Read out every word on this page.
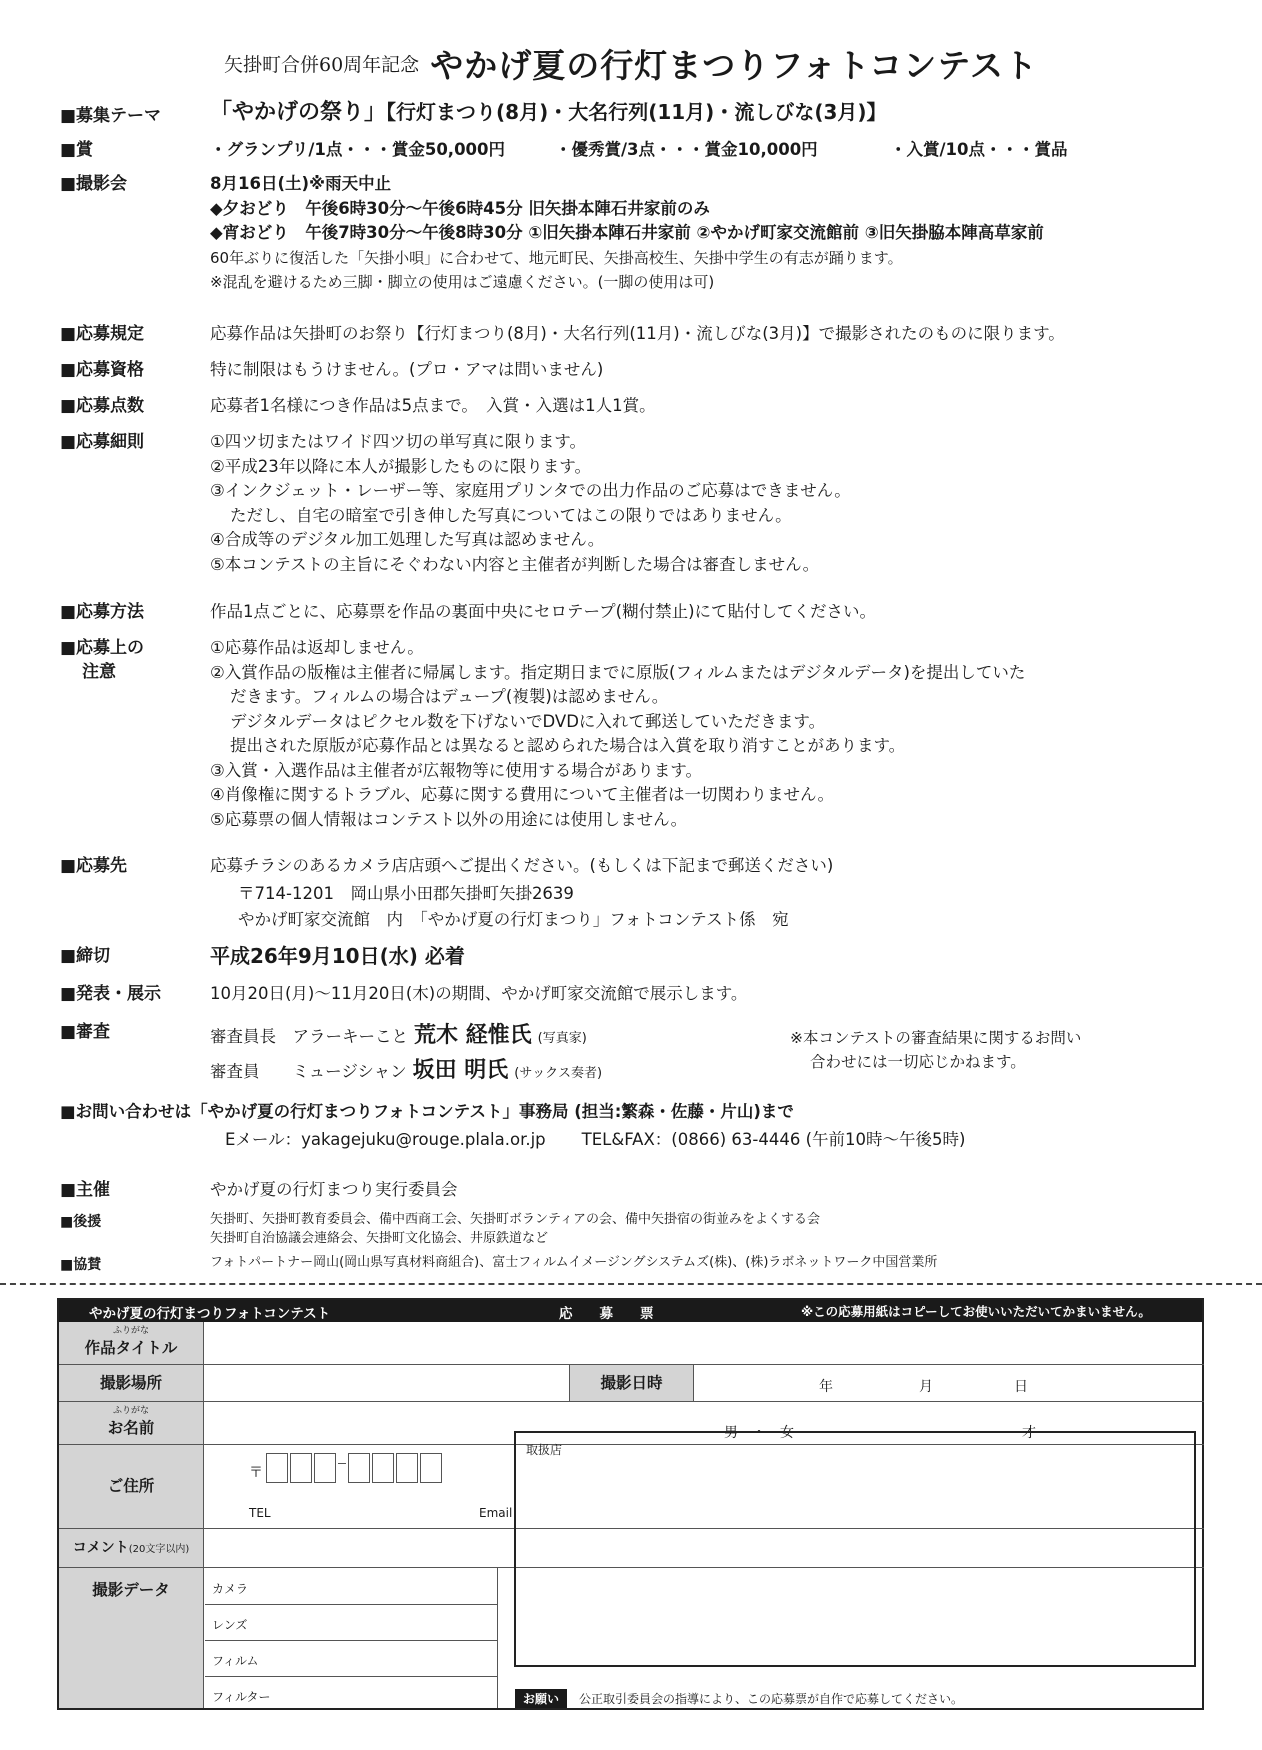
矢掛町合併60周年記念 やかげ夏の行灯まつりフォトコンテスト
■募集テーマ	「やかげの祭り」【行灯まつり(8月)・大名行列(11月)・流しびな(3月)】
■賞	・グランプリ/1点・・・賞金50,000円	・優秀賞/3点・・・賞金10,000円	・入賞/10点・・・賞品
■撮影会	8月16日(土)※雨天中止
◆夕おどり　午後6時30分～午後6時45分 旧矢掛本陣石井家前のみ
◆宵おどり　午後7時30分～午後8時30分 ①旧矢掛本陣石井家前 ②やかげ町家交流館前 ③旧矢掛脇本陣高草家前
60年ぶりに復活した「矢掛小唄」に合わせて、地元町民、矢掛高校生、矢掛中学生の有志が踊ります。
※混乱を避けるため三脚・脚立の使用はご遠慮ください。(一脚の使用は可)
■応募規定	応募作品は矢掛町のお祭り【行灯まつり(8月)・大名行列(11月)・流しびな(3月)】で撮影されたのものに限ります。
■応募資格	特に制限はもうけません。(プロ・アマは問いません)
■応募点数	応募者1名様につき作品は5点まで。　入賞・入選は1人1賞。
■応募細則	①四ツ切またはワイド四ツ切の単写真に限ります。
②平成23年以降に本人が撮影したものに限ります。
③インクジェット・レーザー等、家庭用プリンタでの出力作品のご応募はできません。
ただし、自宅の暗室で引き伸した写真についてはこの限りではありません。
④合成等のデジタル加工処理した写真は認めません。
⑤本コンテストの主旨にそぐわない内容と主催者が判断した場合は審査しません。
■応募方法	作品1点ごとに、応募票を作品の裏面中央にセロテープ(糊付禁止)にて貼付してください。
■応募上の
注意
①応募作品は返却しません。
②入賞作品の版権は主催者に帰属します。指定期日までに原版(フィルムまたはデジタルデータ)を提出していた
だきます。フィルムの場合はデュープ(複製)は認めません。
デジタルデータはピクセル数を下げないでDVDに入れて郵送していただきます。
提出された原版が応募作品とは異なると認められた場合は入賞を取り消すことがあります。
③入賞・入選作品は主催者が広報物等に使用する場合があります。
④肖像権に関するトラブル、応募に関する費用について主催者は一切関わりません。
⑤応募票の個人情報はコンテスト以外の用途には使用しません。
■応募先	応募チラシのあるカメラ店店頭へご提出ください。(もしくは下記まで郵送ください)
〒714-1201　岡山県小田郡矢掛町矢掛2639
やかげ町家交流館　内　「やかげ夏の行灯まつり」フォトコンテスト係　宛
■締切	平成26年9月10日(水) 必着
■発表・展示	10月20日(月)～11月20日(木)の期間、やかげ町家交流館で展示します。
■審査	審査員長　アラーキーこと 荒木 経惟氏 (写真家)
審査員　　ミュージシャン 坂田 明氏 (サックス奏者)
※本コンテストの審査結果に関するお問い
合わせには一切応じかねます。
■お問い合わせは「やかげ夏の行灯まつりフォトコンテスト」事務局 (担当:繁森・佐藤・片山)まで
Eメール：yakagejuku@rouge.plala.or.jp TEL&FAX：(0866) 63-4446 (午前10時～午後5時)
■主催	やかげ夏の行灯まつり実行委員会
■後援	矢掛町、矢掛町教育委員会、備中西商工会、矢掛町ボランティアの会、備中矢掛宿の街並みをよくする会
矢掛町自治協議会連絡会、矢掛町文化協会、井原鉄道など
■協賛	フォトパートナー岡山(岡山県写真材料商組合)、富士フィルムイメージングシステムズ(株)、(株)ラボネットワーク中国営業所
やかげ夏の行灯まつりフォトコンテスト	応　　募　　票	※この応募用紙はコピーしてお使いいただいてかまいません。
ふりがな
作品タイトル
撮影場所	撮影日時	年	月	日
ふりがな
お名前	男　・　女	才
ご住所
〒
TEL	Email
コメント(20文字以内)
撮影データ	カメラ
レンズ
フィルム
フィルター
取扱店
お願い	公正取引委員会の指導により、この応募票が自作で応募してください。
